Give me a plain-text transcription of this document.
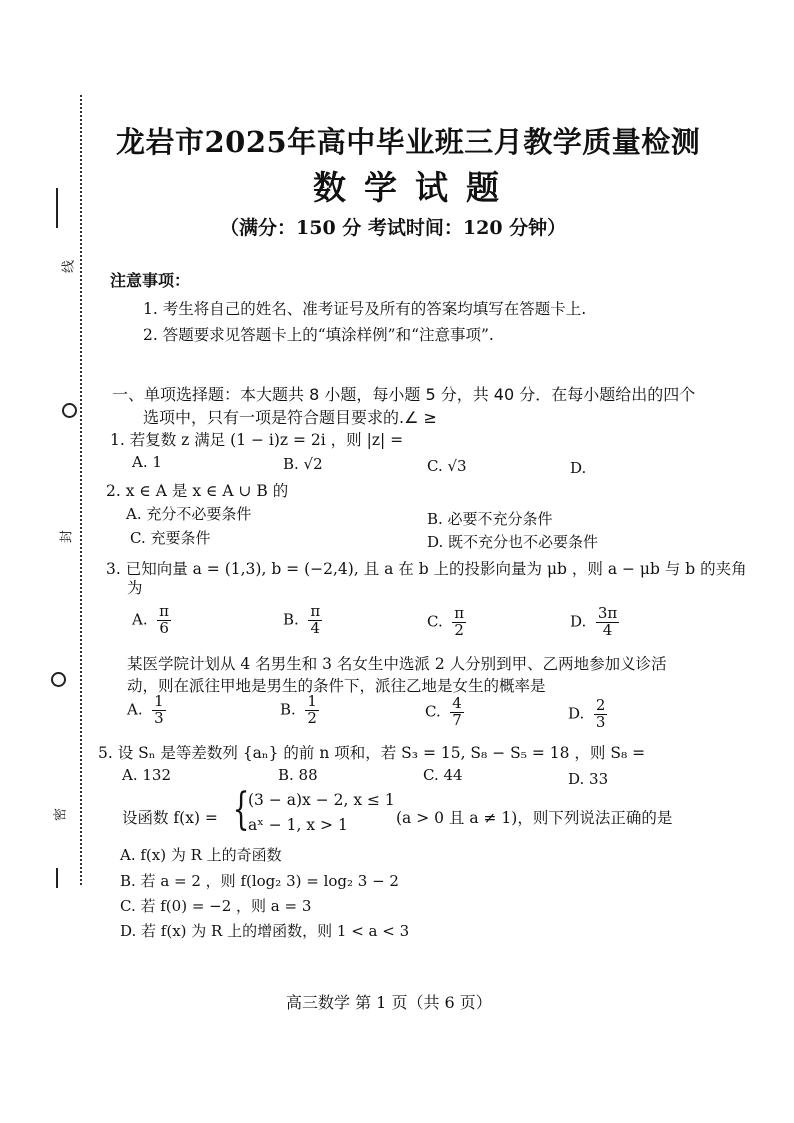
线
封
密
龙岩市2025年高中毕业班三月教学质量检测
数学试题
（满分：150 分 考试时间：120 分钟）
注意事项：
1. 考生将自己的姓名、准考证号及所有的答案均填写在答题卡上.
2. 答题要求见答题卡上的“填涂样例”和“注意事项”.
一、单项选择题：本大题共 8 小题，每小题 5 分，共 40 分．在每小题给出的四个
选项中，只有一项是符合题目要求的.∠ ≥
1. 若复数 z 满足 (1 − i)z = 2i ，则 |z| =
A. 1	B. √2	C. √3	D.
2. x ∈ A 是 x ∈ A ∪ B 的
A. 充分不必要条件	B. 必要不充分条件
C. 充要条件	D. 既不充分也不必要条件
3. 已知向量 a = (1,3), b = (−2,4), 且 a 在 b 上的投影向量为 μb ，则 a − μb 与 b 的夹角
为
A. $\frac{\pi}{6}$	B. $\frac{\pi}{4}$	C. $\frac{\pi}{2}$	D. $\frac{3\pi}{4}$
某医学院计划从 4 名男生和 3 名女生中选派 2 人分别到甲、乙两地参加义诊活
动，则在派往甲地是男生的条件下，派往乙地是女生的概率是
A. $\frac{1}{3}$	B. $\frac{1}{2}$	C. $\frac{4}{7}$	D. $\frac{2}{3}$
5. 设 Sₙ 是等差数列 {aₙ} 的前 n 项和，若 S₃ = 15, S₈ − S₅ = 18 ，则 S₈ =
A. 132	B. 88	C. 44	D. 33
设函数 f(x) = {
(3 − a)x − 2, x ≤ 1
aˣ − 1, x > 1	(a > 0 且 a ≠ 1)，则下列说法正确的是
A. f(x) 为 R 上的奇函数
B. 若 a = 2 ，则 f(log₂ 3) = log₂ 3 − 2
C. 若 f(0) = −2 ，则 a = 3
D. 若 f(x) 为 R 上的增函数，则 1 < a < 3
高三数学 第 1 页（共 6 页）
